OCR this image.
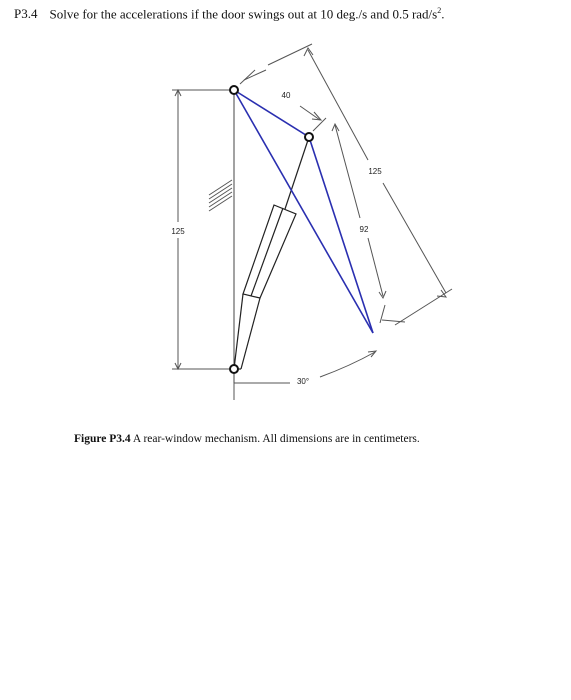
P3.4 Solve for the accelerations if the door swings out at 10 deg./s and 0.5 rad/$s^2$.
125
30°
40
125
92
Figure P3.4 A rear-window mechanism. All dimensions are in centimeters.
